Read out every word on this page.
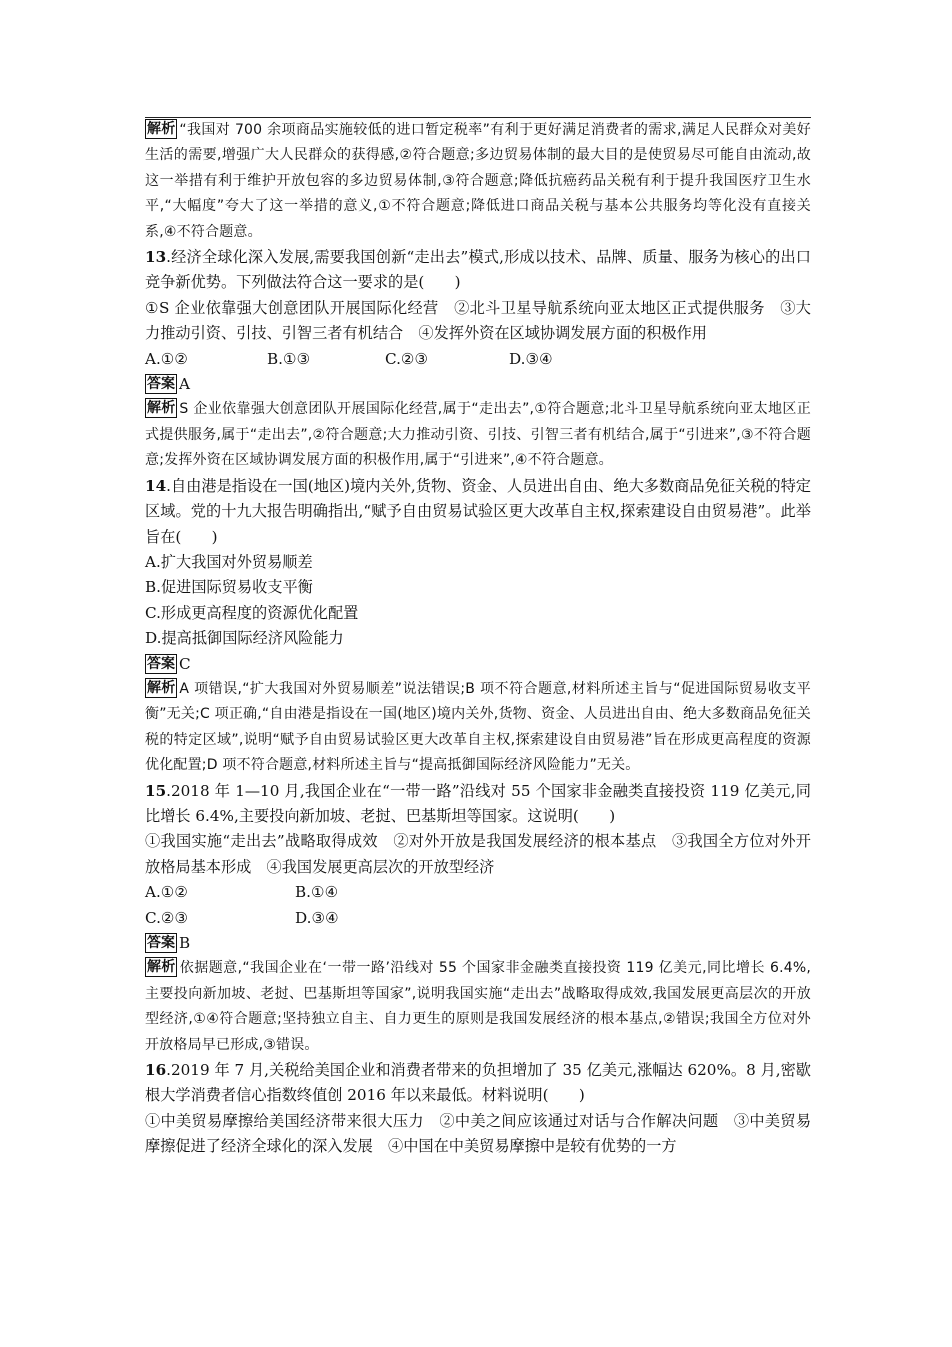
解析 “我国对 700 余项商品实施较低的进口暂定税率”有利于更好满足消费者的需求,满足人民群众对美好生活的需要,增强广大人民群众的获得感,②符合题意;多边贸易体制的最大目的是使贸易尽可能自由流动,故这一举措有利于维护开放包容的多边贸易体制,③符合题意;降低抗癌药品关税有利于提升我国医疗卫生水平,“大幅度”夸大了这一举措的意义,①不符合题意;降低进口商品关税与基本公共服务均等化没有直接关系,④不符合题意。

13.经济全球化深入发展,需要我国创新“走出去”模式,形成以技术、品牌、质量、服务为核心的出口竞争新优势。下列做法符合这一要求的是(　　)

①S 企业依靠强大创意团队开展国际化经营　②北斗卫星导航系统向亚太地区正式提供服务　③大力推动引资、引技、引智三者有机结合　④发挥外资在区域协调发展方面的积极作用

A.①②	B.①③	C.②③	D.③④

答案 A

解析 S 企业依靠强大创意团队开展国际化经营,属于“走出去”,①符合题意;北斗卫星导航系统向亚太地区正式提供服务,属于“走出去”,②符合题意;大力推动引资、引技、引智三者有机结合,属于“引进来”,③不符合题意;发挥外资在区域协调发展方面的积极作用,属于“引进来”,④不符合题意。

14.自由港是指设在一国(地区)境内关外,货物、资金、人员进出自由、绝大多数商品免征关税的特定区域。党的十九大报告明确指出,“赋予自由贸易试验区更大改革自主权,探索建设自由贸易港”。此举旨在(　　)

A.扩大我国对外贸易顺差

B.促进国际贸易收支平衡

C.形成更高程度的资源优化配置

D.提高抵御国际经济风险能力

答案 C

解析 A 项错误,“扩大我国对外贸易顺差”说法错误;B 项不符合题意,材料所述主旨与“促进国际贸易收支平衡”无关;C 项正确,“自由港是指设在一国(地区)境内关外,货物、资金、人员进出自由、绝大多数商品免征关税的特定区域”,说明“赋予自由贸易试验区更大改革自主权,探索建设自由贸易港”旨在形成更高程度的资源优化配置;D 项不符合题意,材料所述主旨与“提高抵御国际经济风险能力”无关。

15.2018 年 1—10 月,我国企业在“一带一路”沿线对 55 个国家非金融类直接投资 119 亿美元,同比增长 6.4%,主要投向新加坡、老挝、巴基斯坦等国家。这说明(　　)

①我国实施“走出去”战略取得成效　②对外开放是我国发展经济的根本基点　③我国全方位对外开放格局基本形成　④我国发展更高层次的开放型经济

A.①②	B.①④
C.②③	D.③④

答案 B

解析 依据题意,“我国企业在‘一带一路’沿线对 55 个国家非金融类直接投资 119 亿美元,同比增长 6.4%,主要投向新加坡、老挝、巴基斯坦等国家”,说明我国实施“走出去”战略取得成效,我国发展更高层次的开放型经济,①④符合题意;坚持独立自主、自力更生的原则是我国发展经济的根本基点,②错误;我国全方位对外开放格局早已形成,③错误。

16.2019 年 7 月,关税给美国企业和消费者带来的负担增加了 35 亿美元,涨幅达 620%。8 月,密歇根大学消费者信心指数终值创 2016 年以来最低。材料说明(　　)

①中美贸易摩擦给美国经济带来很大压力　②中美之间应该通过对话与合作解决问题　③中美贸易摩擦促进了经济全球化的深入发展　④中国在中美贸易摩擦中是较有优势的一方
